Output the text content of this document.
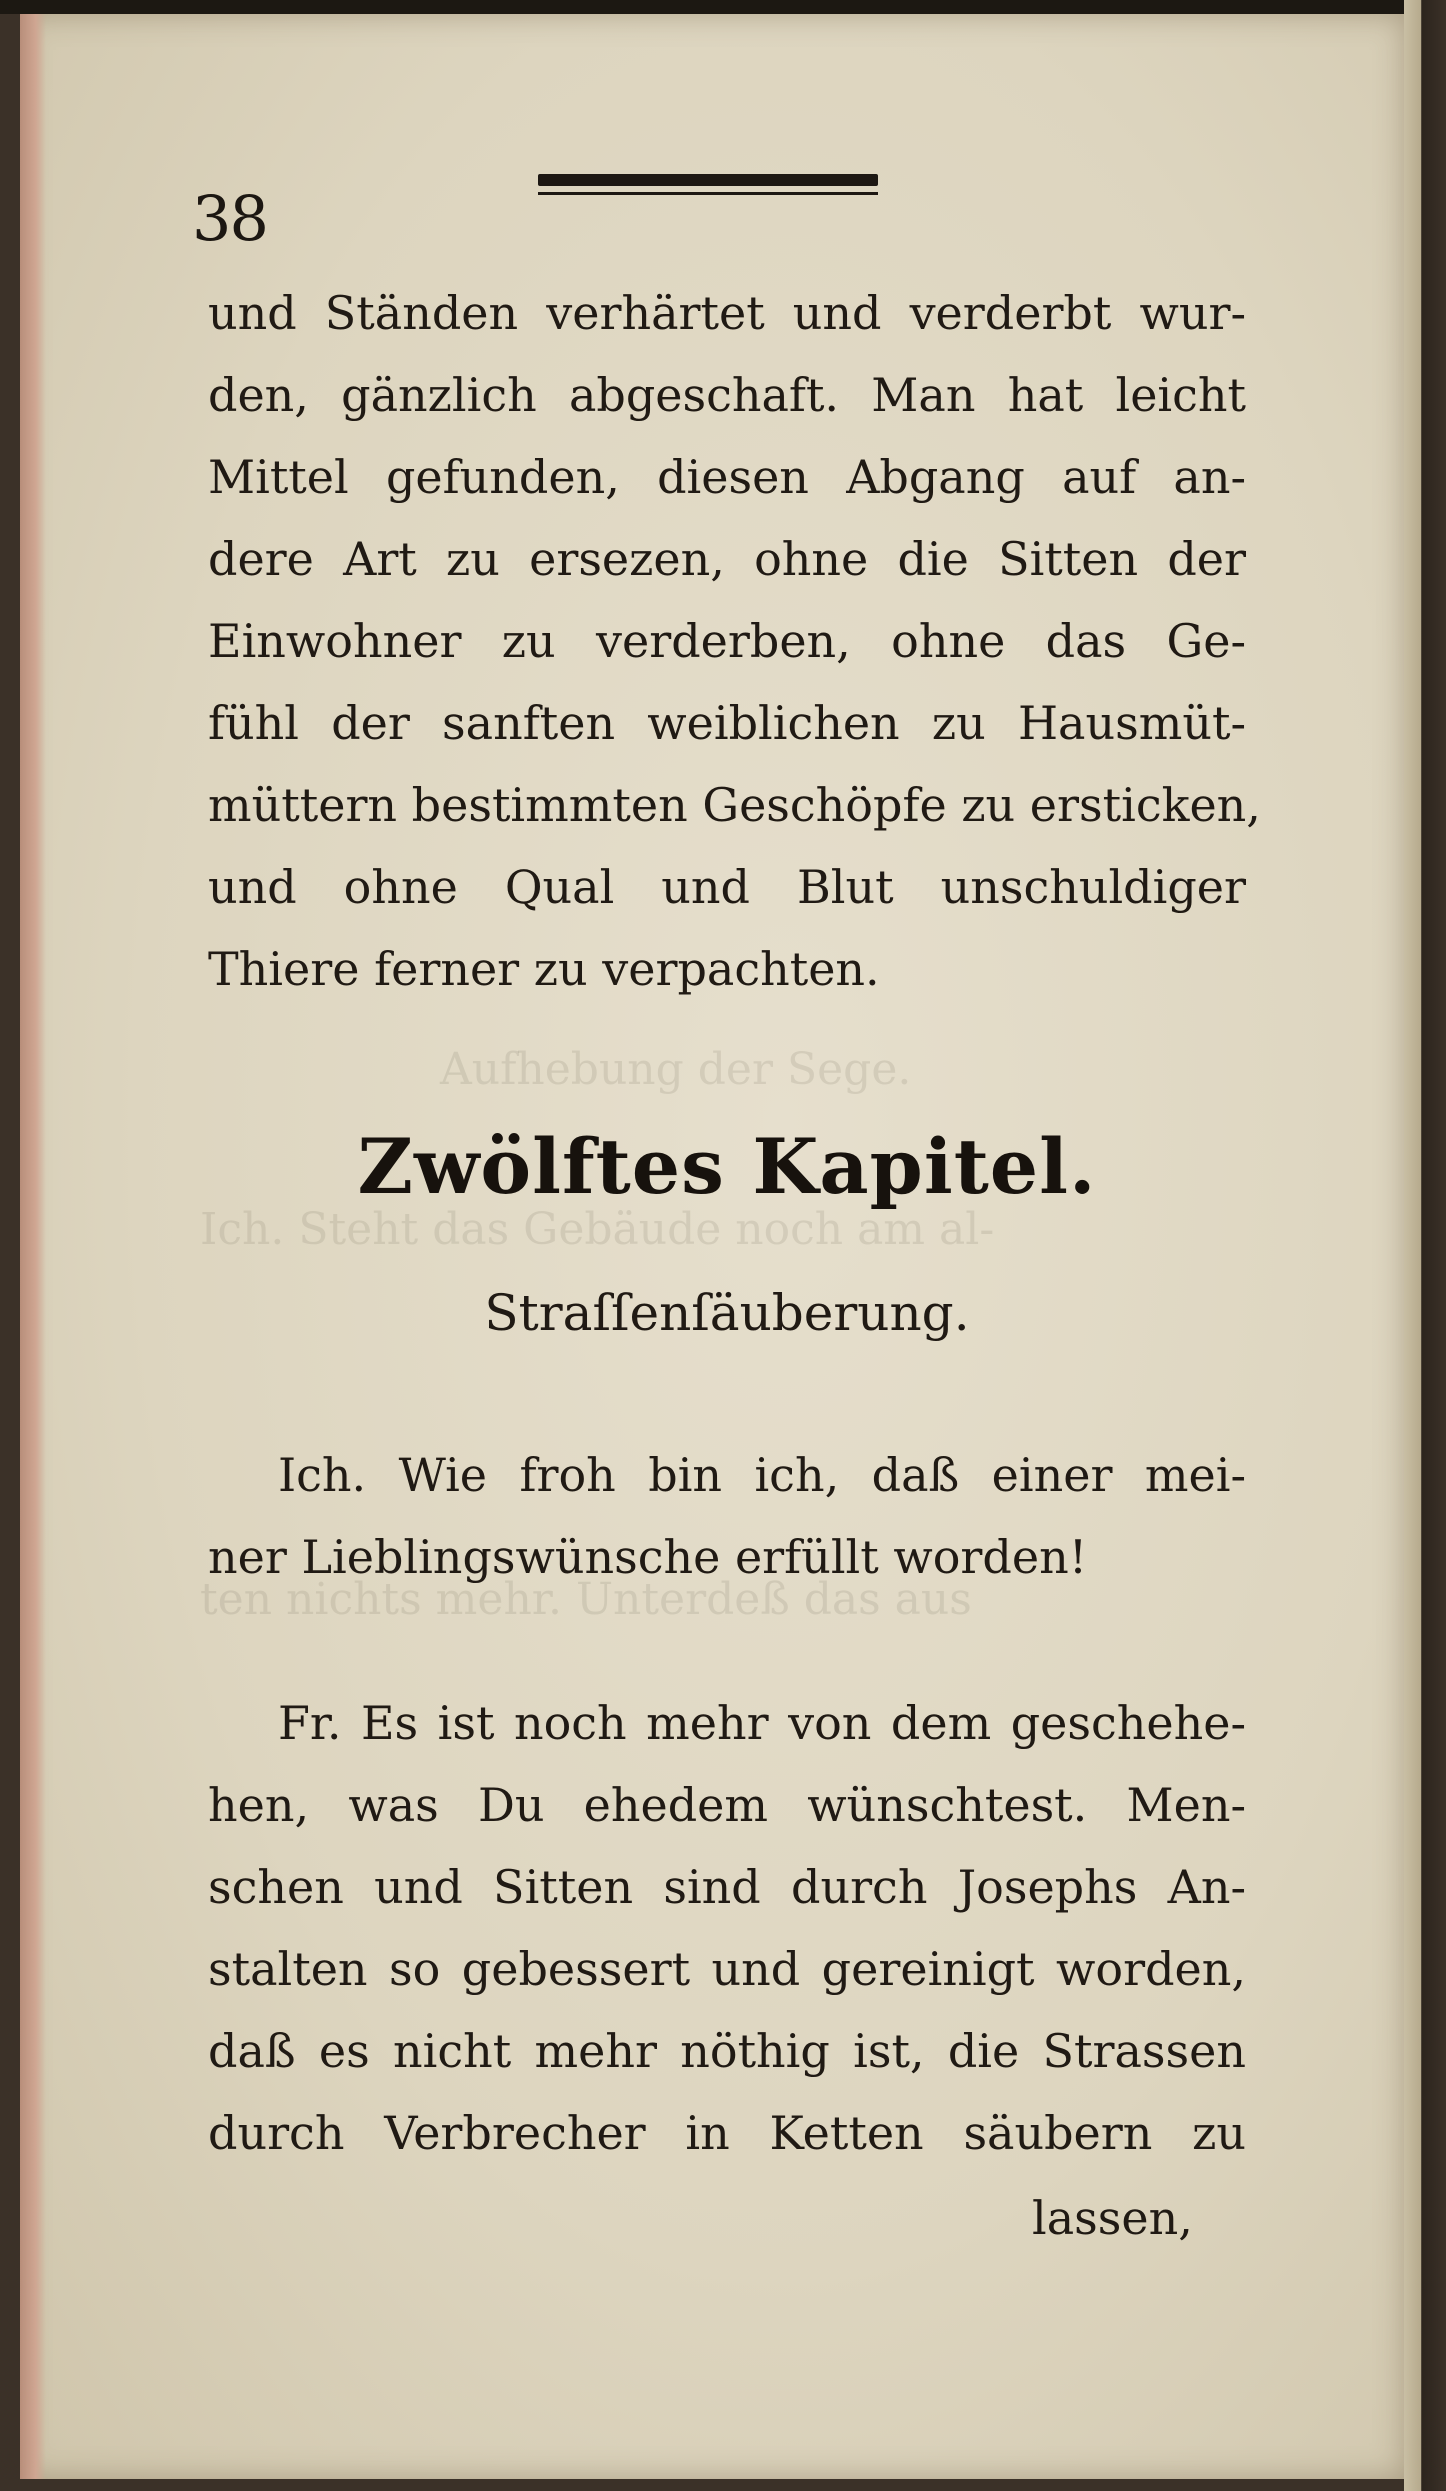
Aufhebung der Sege.
Ich. Steht das Gebäude noch am al-
ten nichts mehr. Unterdeß das aus
38
und Ständen verhärtet und verderbt wur-
den, gänzlich abgeschaft. Man hat leicht
Mittel gefunden, diesen Abgang auf an-
dere Art zu ersezen, ohne die Sitten der
Einwohner zu verderben, ohne das Ge-
fühl der sanften weiblichen zu Hausmüt-
müttern bestimmten Geschöpfe zu ersticken,
und ohne Qual und Blut unschuldiger
Thiere ferner zu verpachten.
Zwölftes Kapitel.
Straſſenſäuberung.
Ich. Wie froh bin ich, daß einer mei-
ner Lieblingswünsche erfüllt worden!
Fr. Es ist noch mehr von dem geschehe-
hen, was Du ehedem wünschtest. Men-
schen und Sitten sind durch Josephs An-
stalten so gebessert und gereinigt worden,
daß es nicht mehr nöthig ist, die Strassen
durch Verbrecher in Ketten säubern zu
lassen,
